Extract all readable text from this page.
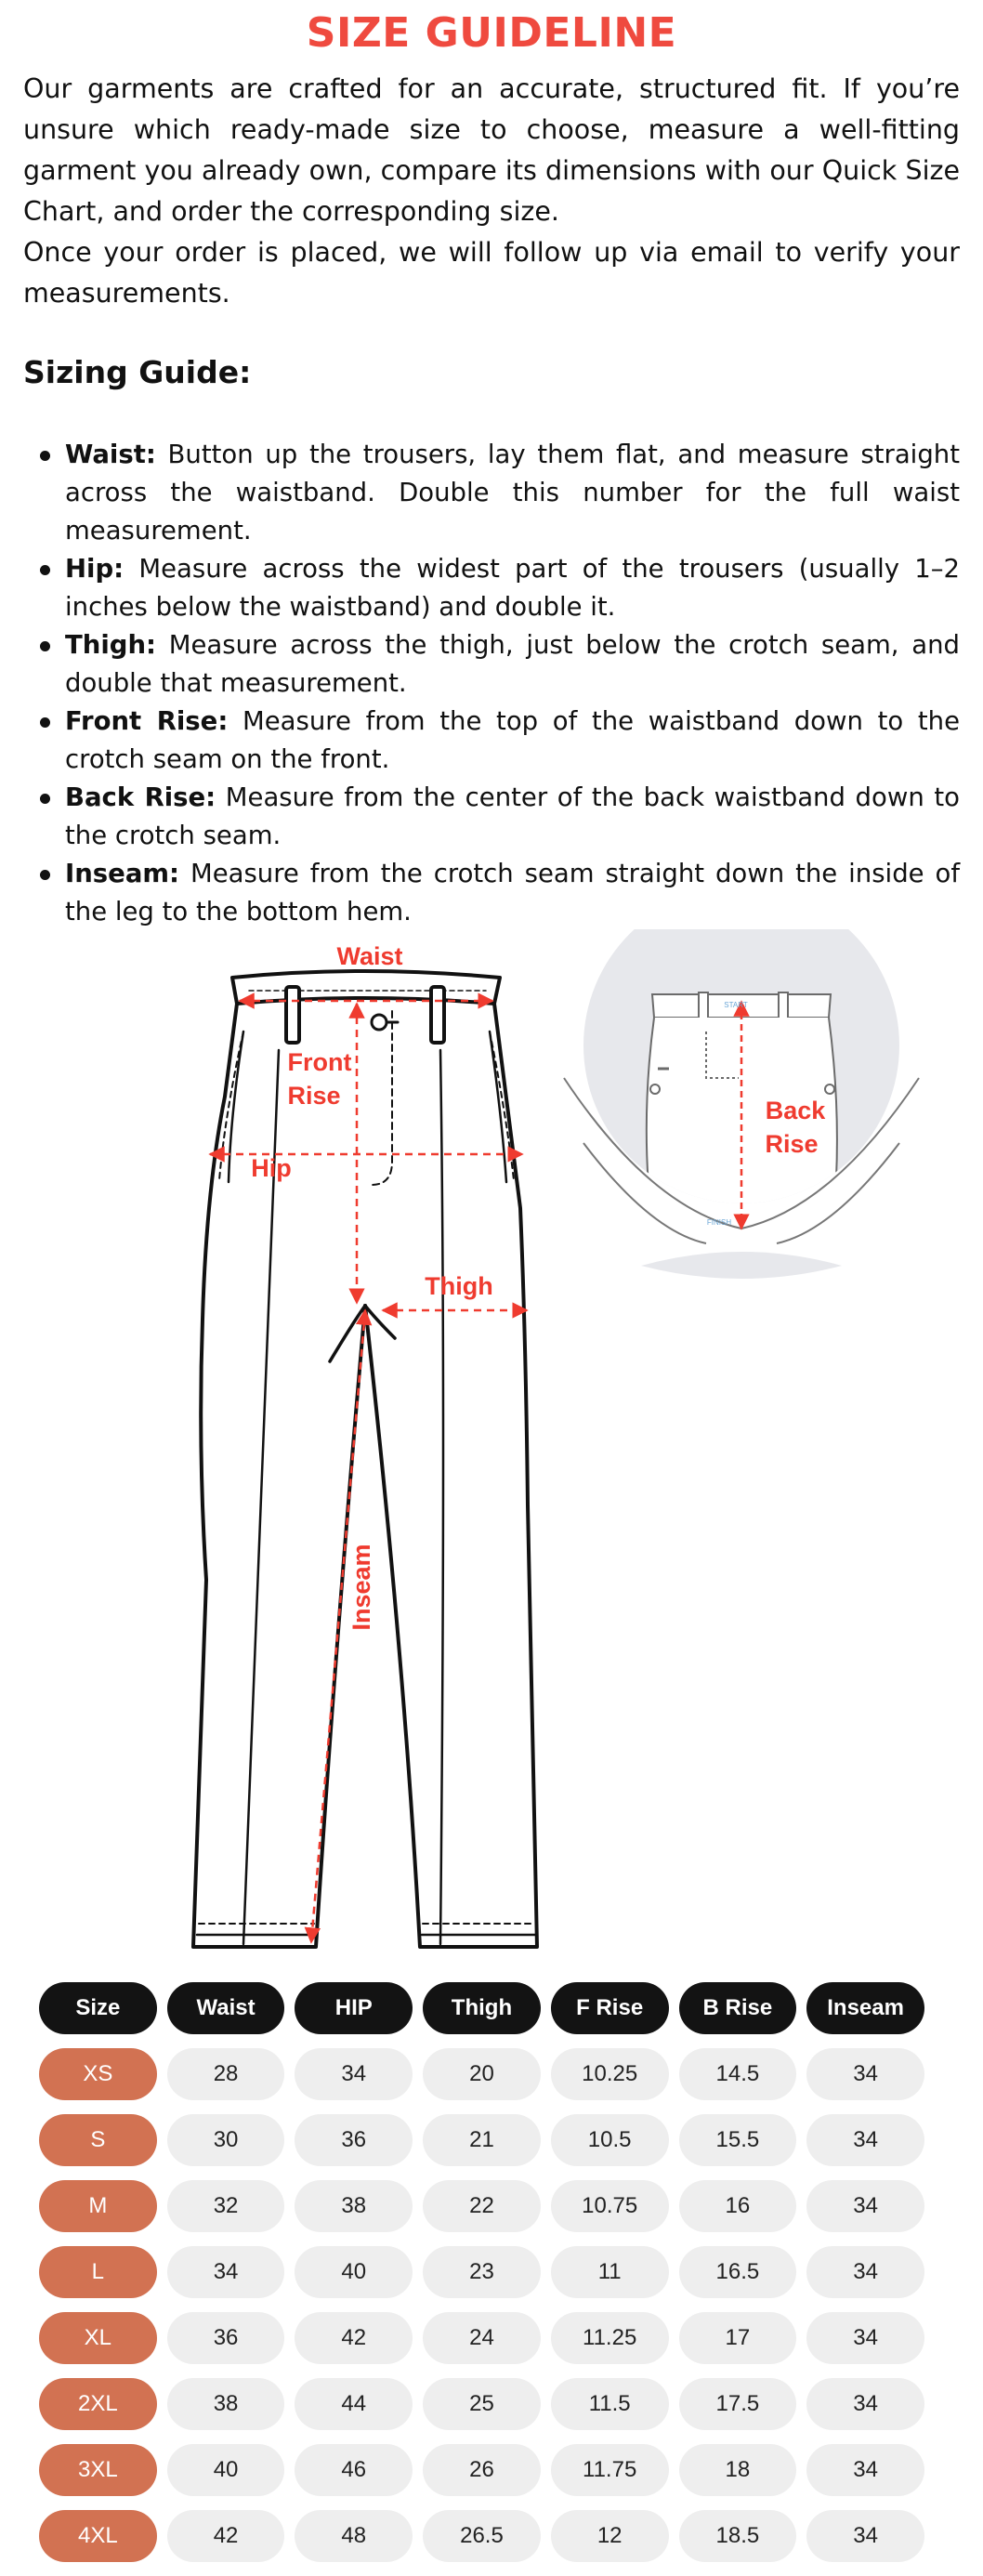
SIZE GUIDELINE

Our garments are crafted for an accurate, structured fit. If you’re unsure which ready-made size to choose, measure a well-fitting garment you already own, compare its dimensions with our Quick Size Chart, and order the corresponding size.

Once your order is placed, we will follow up via email to verify your measurements.

Sizing Guide:
Waist: Button up the trousers, lay them flat, and measure straight across the waistband. Double this number for the full waist measurement.
Hip: Measure across the widest part of the trousers (usually 1–2 inches below the waistband) and double it.
Thigh: Measure across the thigh, just below the crotch seam, and double that measurement.
Front Rise: Measure from the top of the waistband down to the crotch seam on the front.
Back Rise: Measure from the center of the back waistband down to the crotch seam.
Inseam: Measure from the crotch seam straight down the inside of the leg to the bottom hem.
Waist
Front
Rise
Hip
Thigh
Inseam
START
FINISH
Back
Rise
Size	Waist	HIP	Thigh	F Rise	B Rise	Inseam

XS	28	34	20	10.25	14.5	34

S	30	36	21	10.5	15.5	34

M	32	38	22	10.75	16	34

L	34	40	23	11	16.5	34

XL	36	42	24	11.25	17	34

2XL	38	44	25	11.5	17.5	34

3XL	40	46	26	11.75	18	34

4XL	42	48	26.5	12	18.5	34
